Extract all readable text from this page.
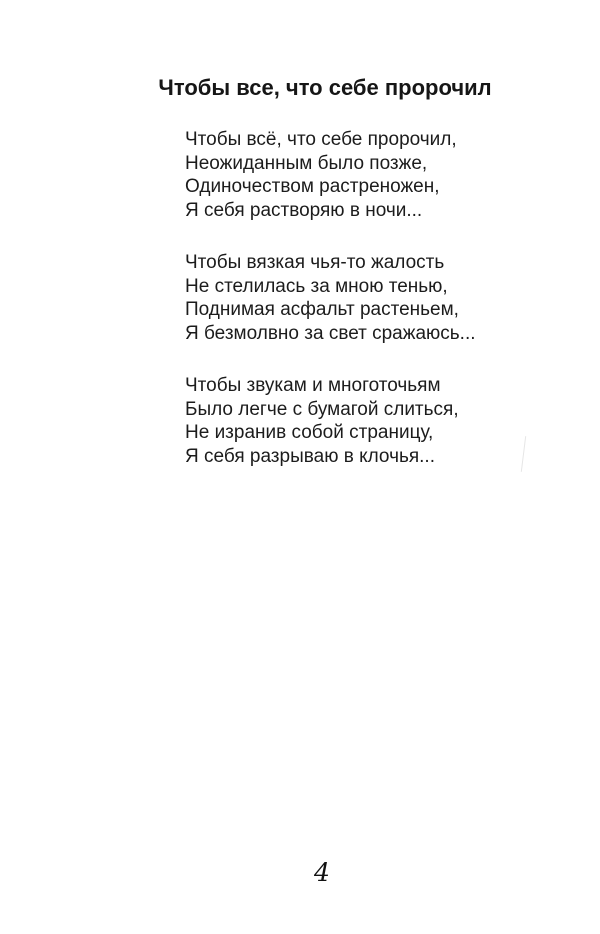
Чтобы все, что себе пророчил
Чтобы всё, что себе пророчил,
Неожиданным было позже,
Одиночеством растреножен,
Я себя растворяю в ночи...
Чтобы вязкая чья-то жалость
Не стелилась за мною тенью,
Поднимая асфальт растеньем,
Я безмолвно за свет сражаюсь...
Чтобы звукам и многоточьям
Было легче с бумагой слиться,
Не изранив собой страницу,
Я себя разрываю в клочья...
4
